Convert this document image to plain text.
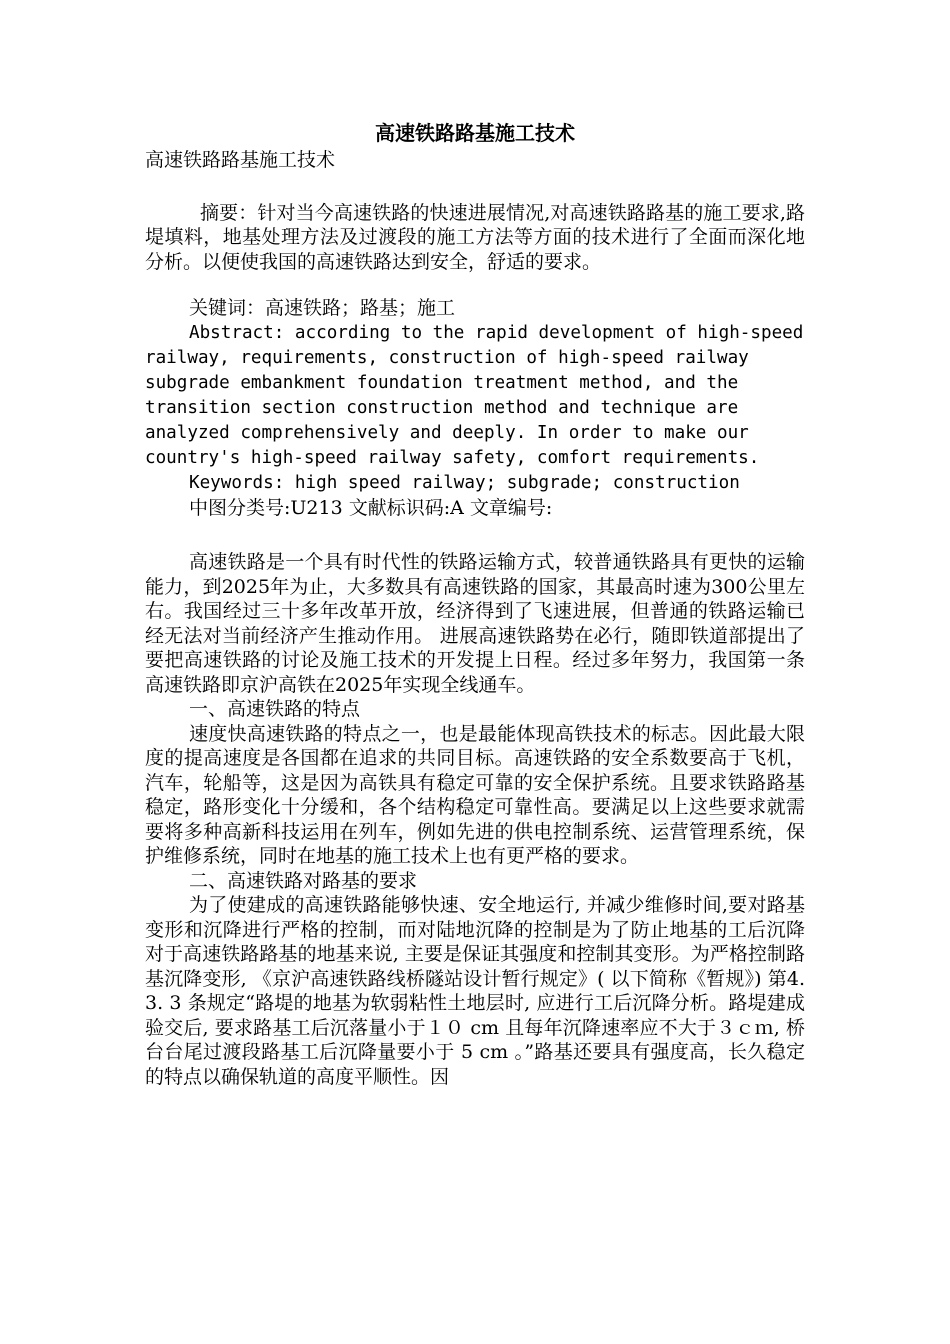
高速铁路路基施工技术

高速铁路路基施工技术

摘要：针对当今高速铁路的快速进展情况,对高速铁路路基的施工要求,路堤填料，地基处理方法及过渡段的施工方法等方面的技术进行了全面而深化地分析。以便使我国的高速铁路达到安全，舒适的要求。

关键词：高速铁路；路基；施工

Abstract: according to the rapid development of high-speed railway, requirements, construction of high-speed railway subgrade embankment foundation treatment method, and the transition section construction method and technique are analyzed comprehensively and deeply. In order to make our country's high-speed railway safety, comfort requirements.

Keywords: high speed railway; subgrade; construction

中图分类号:U213 文献标识码:A 文章编号:

高速铁路是一个具有时代性的铁路运输方式，较普通铁路具有更快的运输能力，到2025年为止，大多数具有高速铁路的国家，其最高时速为300公里左右。我国经过三十多年改革开放，经济得到了飞速进展，但普通的铁路运输已经无法对当前经济产生推动作用。 进展高速铁路势在必行，随即铁道部提出了要把高速铁路的讨论及施工技术的开发提上日程。经过多年努力，我国第一条高速铁路即京沪高铁在2025年实现全线通车。

一、高速铁路的特点

速度快高速铁路的特点之一，也是最能体现高铁技术的标志。因此最大限度的提高速度是各国都在追求的共同目标。高速铁路的安全系数要高于飞机，汽车，轮船等，这是因为高铁具有稳定可靠的安全保护系统。且要求铁路路基稳定，路形变化十分缓和，各个结构稳定可靠性高。要满足以上这些要求就需要将多种高新科技运用在列车，例如先进的供电控制系统、运营管理系统，保护维修系统，同时在地基的施工技术上也有更严格的要求。

二、高速铁路对路基的要求

为了使建成的高速铁路能够快速、安全地运行, 并减少维修时间,要对路基变形和沉降进行严格的控制，而对陆地沉降的控制是为了防止地基的工后沉降对于高速铁路路基的地基来说, 主要是保证其强度和控制其变形。为严格控制路基沉降变形, 《京沪高速铁路线桥隧站设计暂行规定》( 以下简称《暂规》) 第4. 3. 3 条规定“路堤的地基为软弱粘性土地层时, 应进行工后沉降分析。路堤建成验交后, 要求路基工后沉落量小于１０ cm 且每年沉降速率应不大于３ｃｍ, 桥台台尾过渡段路基工后沉降量要小于 5 cm 。”路基还要具有强度高，长久稳定的特点以确保轨道的高度平顺性。因
